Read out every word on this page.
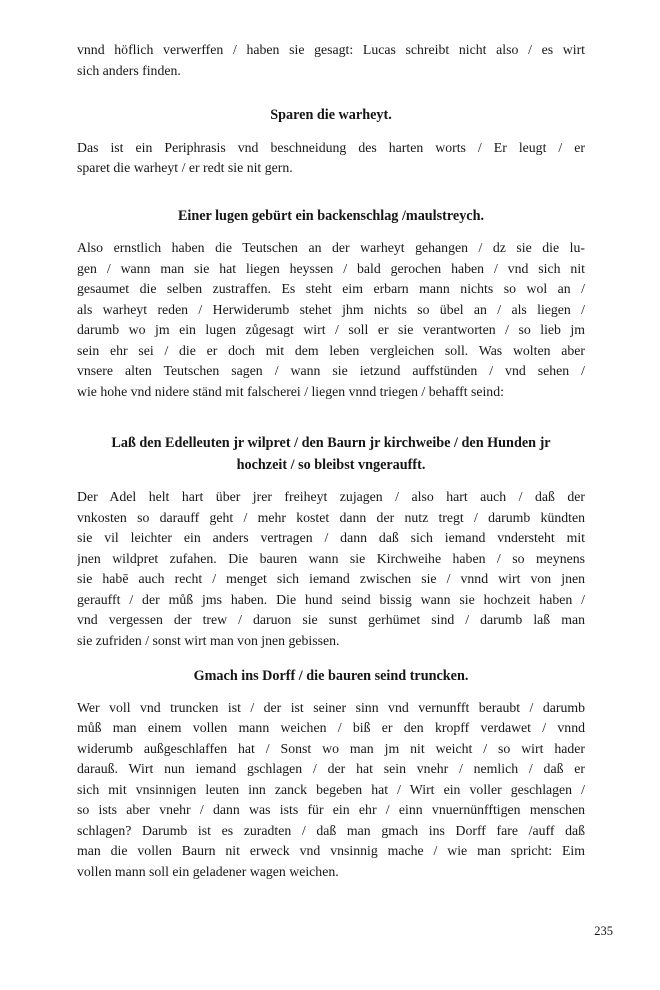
vnnd höflich verwerffen / haben sie gesagt: Lucas schreibt nicht also / es wirt
sich anders finden.
Sparen die warheyt.
Das ist ein Periphrasis vnd beschneidung des harten worts / Er leugt / er
sparet die warheyt / er redt sie nit gern.
Einer lugen gebürt ein backenschlag /maulstreych.
Also ernstlich haben die Teutschen an der warheyt gehangen / dz sie die lu-
gen / wann man sie hat liegen heyssen / bald gerochen haben / vnd sich nit
gesaumet die selben zustraffen. Es steht eim erbarn mann nichts so wol an /
als warheyt reden / Herwiderumb stehet jhm nichts so übel an / als liegen /
darumb wo jm ein lugen zůgesagt wirt / soll er sie verantworten / so lieb jm
sein ehr sei / die er doch mit dem leben vergleichen soll. Was wolten aber
vnsere alten Teutschen sagen / wann sie ietzund auffstünden / vnd sehen /
wie hohe vnd nidere ständ mit falscherei / liegen vnnd triegen / behafft seind:
Laß den Edelleuten jr wilpret / den Baurn jr kirchweibe / den Hunden jr
hochzeit / so bleibst vngeraufft.
Der Adel helt hart über jrer freiheyt zujagen / also hart auch / daß der
vnkosten so darauff geht / mehr kostet dann der nutz tregt / darumb kündten
sie vil leichter ein anders vertragen / dann daß sich iemand vndersteht mit
jnen wildpret zufahen. Die bauren wann sie Kirchweihe haben / so meynens
sie habē auch recht / menget sich iemand zwischen sie / vnnd wirt von jnen
geraufft / der můß jms haben. Die hund seind bissig wann sie hochzeit haben /
vnd vergessen der trew / daruon sie sunst gerhümet sind / darumb laß man
sie zufriden / sonst wirt man von jnen gebissen.
Gmach ins Dorff / die bauren seind truncken.
Wer voll vnd truncken ist / der ist seiner sinn vnd vernunfft beraubt / darumb
můß man einem vollen mann weichen / biß er den kropff verdawet / vnnd
widerumb außgeschlaffen hat / Sonst wo man jm nit weicht / so wirt hader
darauß. Wirt nun iemand gschlagen / der hat sein vnehr / nemlich / daß er
sich mit vnsinnigen leuten inn zanck begeben hat / Wirt ein voller geschlagen /
so ists aber vnehr / dann was ists für ein ehr / einn vnuernünfftigen menschen
schlagen? Darumb ist es zuradten / daß man gmach ins Dorff fare /auff daß
man die vollen Baurn nit erweck vnd vnsinnig mache / wie man spricht: Eim
vollen mann soll ein geladener wagen weichen.
235
